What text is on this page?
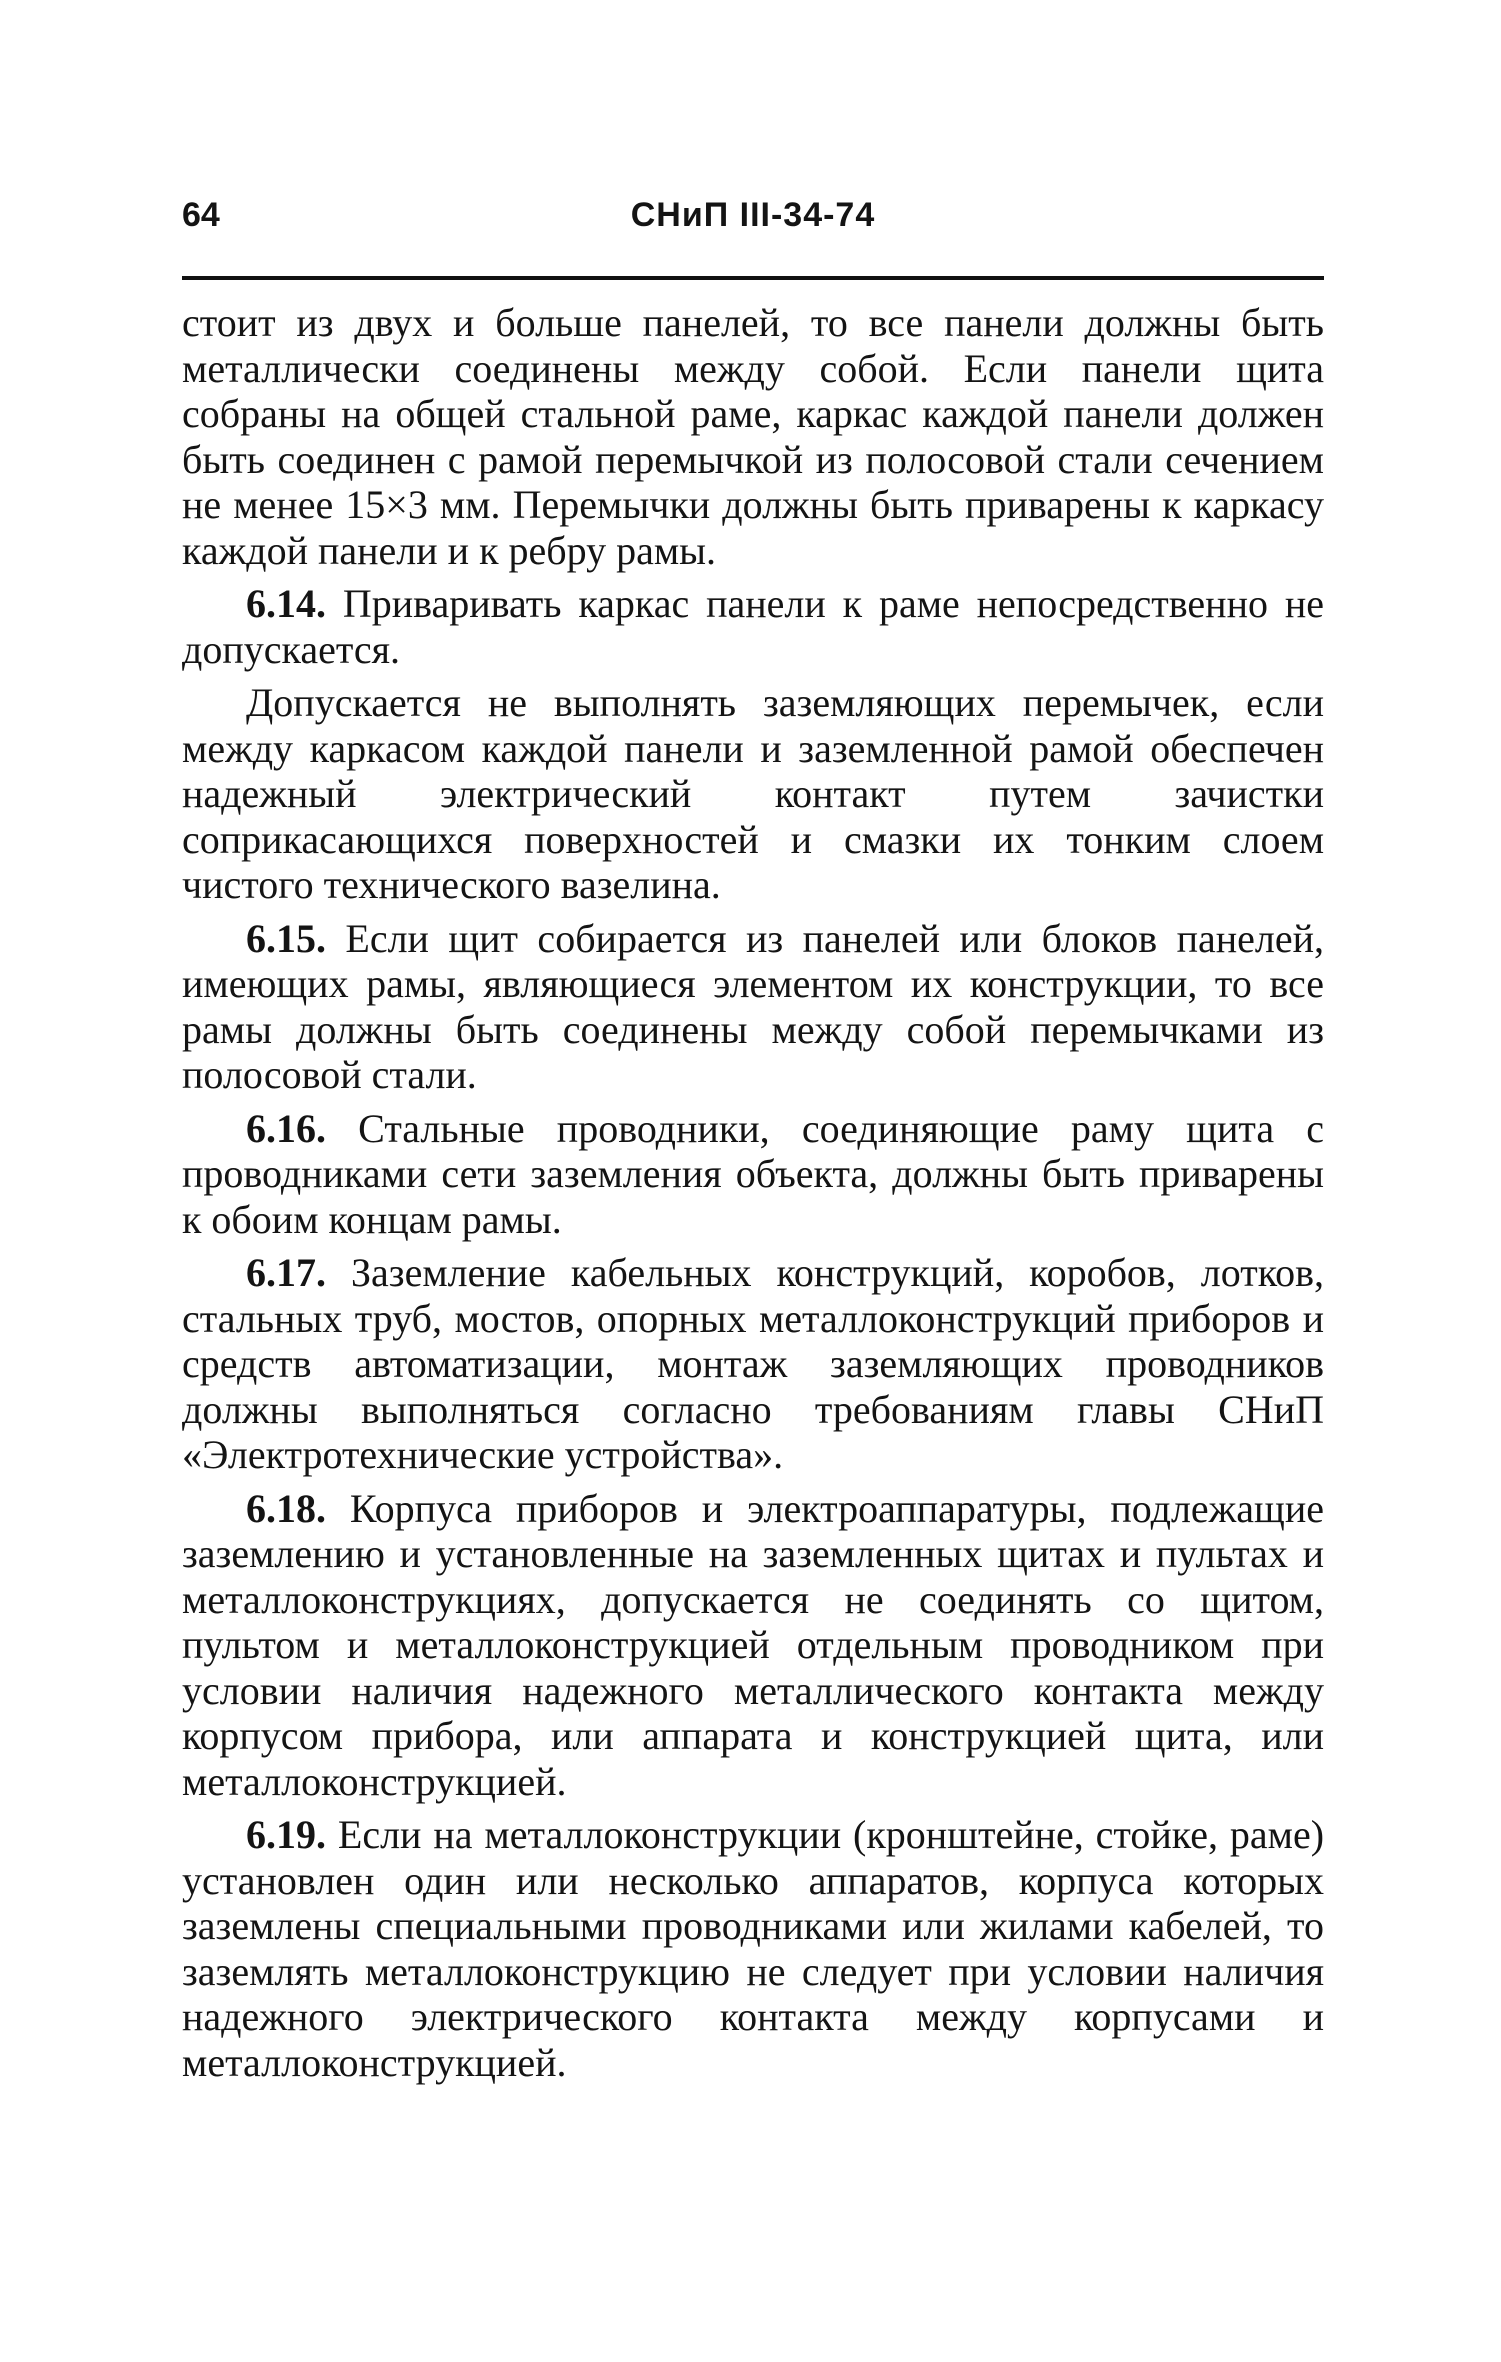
64	СНиП III-34-74

стоит из двух и больше панелей, то все панели должны быть металлически соединены между собой. Если панели щита собраны на общей стальной раме, каркас каждой панели должен быть соединен с рамой перемычкой из полосовой стали сечением не менее 15×3 мм. Перемычки должны быть приварены к каркасу каждой панели и к ребру рамы.

6.14. Приваривать каркас панели к раме непосредственно не допускается.

Допускается не выполнять заземляющих перемычек, если между каркасом каждой панели и заземленной рамой обеспечен надежный электрический контакт путем зачистки соприкасающихся поверхностей и смазки их тонким слоем чистого технического вазелина.

6.15. Если щит собирается из панелей или блоков панелей, имеющих рамы, являющиеся элементом их конструкции, то все рамы должны быть соединены между собой перемычками из полосовой стали.

6.16. Стальные проводники, соединяющие раму щита с проводниками сети заземления объекта, должны быть приварены к обоим концам рамы.

6.17. Заземление кабельных конструкций, коробов, лотков, стальных труб, мостов, опорных металлоконструкций приборов и средств автоматизации, монтаж заземляющих проводников должны выполняться согласно требованиям главы СНиП «Электротехнические устройства».

6.18. Корпуса приборов и электроаппаратуры, подлежащие заземлению и установленные на заземленных щитах и пультах и металлоконструкциях, допускается не соединять со щитом, пультом и металлоконструкцией отдельным проводником при условии наличия надежного металлического контакта между корпусом прибора, или аппарата и конструкцией щита, или металлоконструкцией.

6.19. Если на металлоконструкции (кронштейне, стойке, раме) установлен один или несколько аппаратов, корпуса которых заземлены специальными проводниками или жилами кабелей, то заземлять металлоконструкцию не следует при условии наличия надежного электрического контакта между корпусами и металлоконструкцией.
